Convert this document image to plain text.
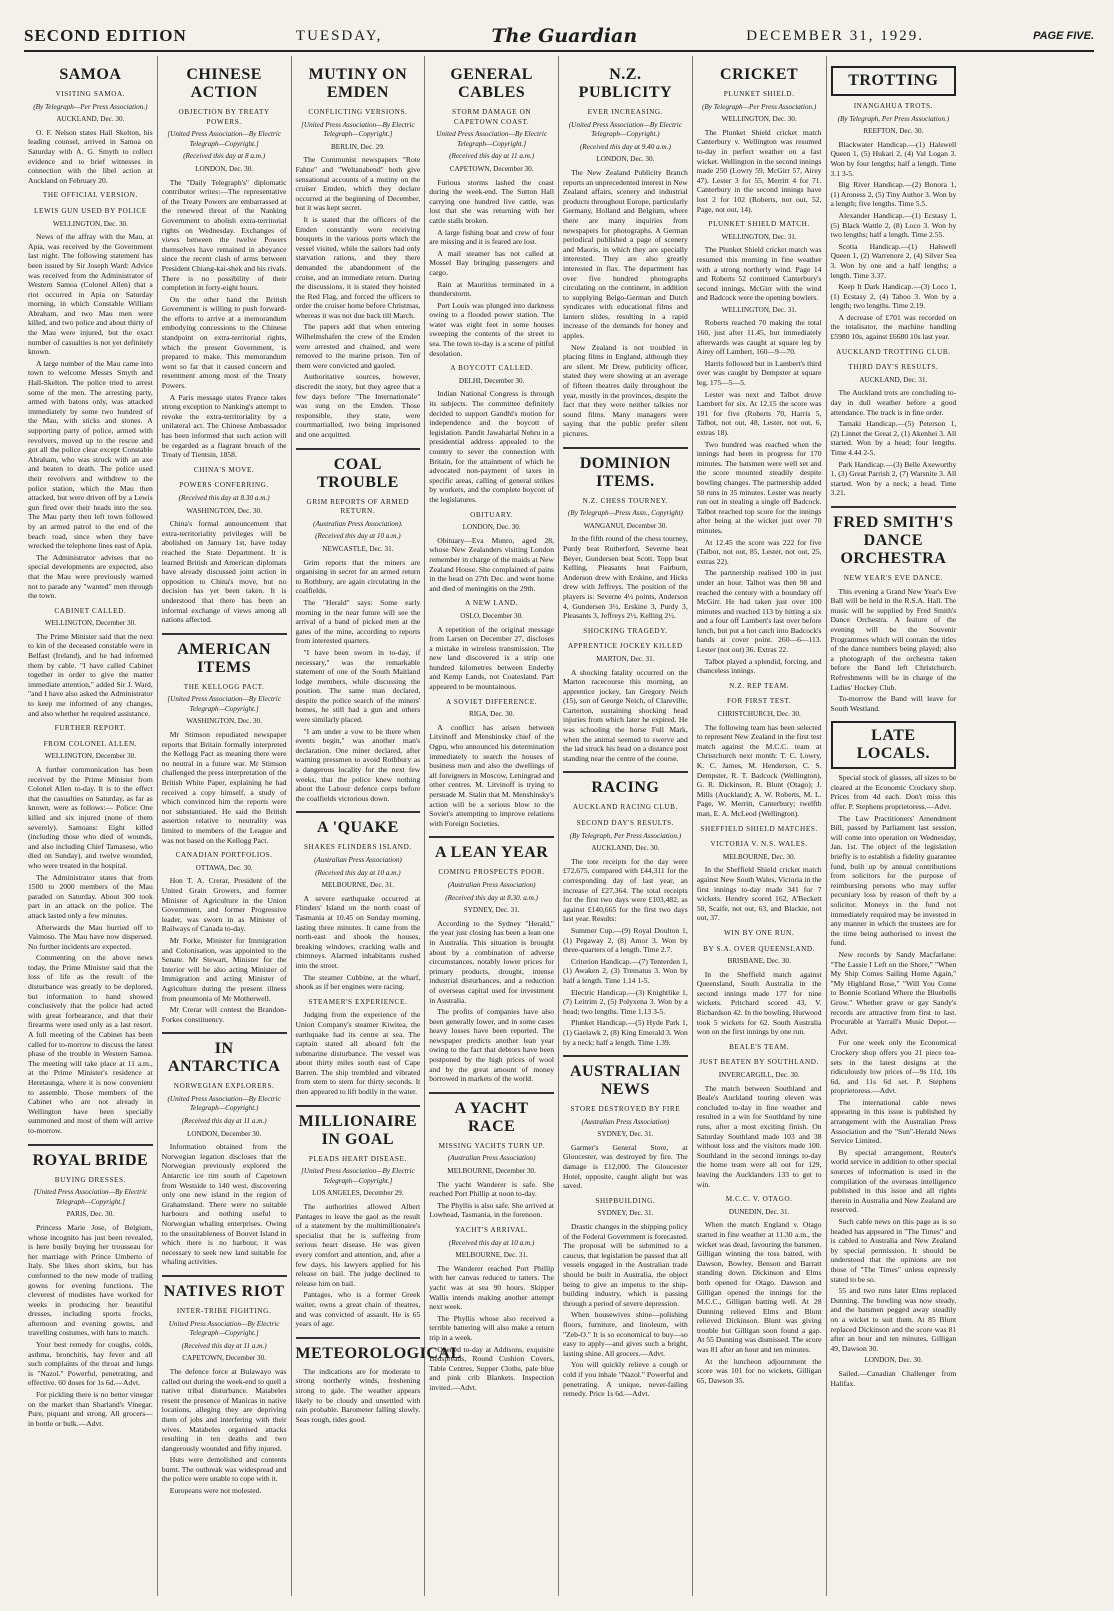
SECOND EDITION	TUESDAY,	The Guardian	DECEMBER 31, 1929.	PAGE FIVE.
SAMOA
VISITING SAMOA.
(By Telegraph—Per Press Association.)
AUCKLAND, Dec. 30.
O. F. Nelson states Hall Skelton, his leading counsel, arrived in Samoa on Saturday with A. G. Smyth to collect evidence and to brief witnesses in connection with the libel action at Auckland on February 20.
THE OFFICIAL VERSION.
LEWIS GUN USED BY POLICE
WELLINGTON, Dec. 30.
News of the affray with the Mau, at Apia, was received by the Government last night. The following statement has been issued by Sir Joseph Ward: Advice was received from the Administrator of Western Samoa (Colonel Allen) that a riot occurred in Apia on Saturday morning, in which Constable William Abraham, and two Mau men were killed, and two police and about thirty of the Mau were injured, but the exact number of casualties is not yet definitely known.
A large number of the Mau came into town to welcome Messrs Smyth and Hall-Skelton. The police tried to arrest some of the men. The arresting party, armed with batons only, was attacked immediately by some two hundred of the Mau, with sticks and stones. A supporting party of police, armed with revolvers, moved up to the rescue and got all the police clear except Constable Abraham, who was struck with an axe and beaten to death. The police used their revolvers and withdrew to the police station, which the Mau then attacked, but were driven off by a Lewis gun fired over their heads into the sea. The Mau party then left town followed by an armed patrol to the end of the beach road, since when they have wrecked the telephone lines east of Apia.
The Administrator advises that no special developments are expected, also that the Mau were previously warned not to parade any "wanted" men through the town.
CABINET CALLED.
WELLINGTON, December 30.
The Prime Minister said that the next to kin of the deceased constable were in Belfast (Ireland), and he had informed them by cable. "I have called Cabinet together in order to give the matter immediate attention," added Sir J. Ward, "and I have also asked the Administrator to keep me informed of any changes, and also whether he required assistance.
FURTHER REPORT.
FROM COLONEL ALLEN.
WELLINGTON, December 30.
A further communication has been received by the Prime Minister from Colonel Allen to-day. It is to the effect that the casualties on Saturday, as far as known, were as follows:— Police: One killed and six injured (none of them severely). Samoans: Eight killed (including those who died of wounds, and also including Chief Tamasese, who died on Sunday), and twelve wounded, who were treated in the hospital.
The Administrator states that from 1500 to 2000 members of the Mau paraded on Saturday. About 300 took part in an attack on the police. The attack lasted only a few minutes.
Afterwards the Mau hurried off to Vaimoso. The Mau have now dispersed. No further incidents are expected.
Commenting on the above news today, the Prime Minister said that the loss of life as the result of the disturbance was greatly to be deplored, but information to hand showed conclusively that the police had acted with great forbearance, and that their firearms were used only as a last resort. A full meeting of the Cabinet has been called for to-morrow to discuss the latest phase of the trouble in Western Samoa. The meeting will take place at 11 a.m., at the Prime Minister's residence at Heretaunga, where it is now convenient to assemble. Those members of the Cabinet who are not already in Wellington have been specially summoned and most of them will arrive to-morrow.
ROYAL BRIDE
BUYING DRESSES.
[United Press Association—By Electric Telegraph—Copyright.]
PARIS, Dec. 30.
Princess Marie Jose, of Belgium, whose incognito has just been revealed, is here busily buying her trousseau for her marriage with Prince Umberto of Italy. She likes short skirts, but has conformed to the new mode of trailing gowns for evening functions. The cleverest of modistes have worked for weeks in producing her beautiful dresses, including sports frocks, afternoon and evening gowns, and travelling costumes, with hats to match.
Your best remedy for coughs, colds, asthma, bronchitis, hay fever and all such complaints of the throat and lungs is "Nazol." Powerful, penetrating, and effective. 60 doses for 1s 6d.—Advt.
For pickling there is no better vinegar on the market than Sharland's Vinegar. Pure, piquant and strong. All grocers—in bottle or bulk.—Advt.
CHINESE ACTION
OBJECTION BY TREATY POWERS.
[United Press Association—By Electric Telegraph—Copyright.]
(Received this day at 8 a.m.)
LONDON, Dec. 30.
The "Daily Telegraph's" diplomatic contributor writes:—The representative of the Treaty Powers are embarrassed at the renewed threat of the Nanking Government to abolish extra-territorial rights on Wednesday. Exchanges of views between the twelve Powers themselves have remained in abeyance since the recent clash of arms between President Chiang-kai-shek and his rivals. There is no possibility of their completion in forty-eight hours.
On the other hand the British Government is willing to push forward-the efforts to arrive at a memorandum embodying concessions to the Chinese standpoint on extra-territorial rights, which the present Government, is prepared to make. This memorandum went so far that it caused concern and resentment among most of the Treaty Powers.
A Paris message states France takes strong exception to Nanking's attempt to revoke the extra-territoriality by a unilateral act. The Chinese Ambassador has been informed that such action will be regarded as a flagrant breach of the Treaty of Tientsin, 1858.
CHINA'S MOVE.
POWERS CONFERRING.
(Received this day at 8.30 a.m.)
WASHINGTON, Dec. 30.
China's formal announcement that extra-territoriality privileges will be abolished on January 1st, have today reached the State Department. It is learned British and American diplomats have already discussed joint action in opposition to China's move, but no decision has yet been taken. It is understood that there has been an informal exchange of views among all nations affected.
AMERICAN ITEMS
THE KELLOGG PACT.
[United Press Association—By Electric Telegraph—Copyright.]
WASHINGTON, Dec. 30.
Mr Stimson repudiated newspaper reports that Britain formally interpreted the Kellogg Pact as meaning there were no neutral in a future war. Mr Stimson challenged the press interpretation of the British White Paper, explaining he had received a copy himself, a study of which convinced him the reports were not substantiated. He said the British assertion relative to neutrality was limited to members of the League and was not based on the Kellogg Pact.
CANADIAN PORTFOLIOS.
OTTAWA, Dec. 30.
Hon T. A. Crerar, President of the United Grain Growers, and former Minister of Agriculture in the Union Government, and former Progressive leader, was sworn in as Minister of Railways of Canada to-day.
Mr Forke, Minister for Immigration and Colonisation, was appointed to the Senate. Mr Stewart, Minister for the Interior will be also acting Minister of Immigration and acting Minister of Agriculture during the present illness from pneumonia of Mr Motherwell.
Mr Crerar will contest the Brandon-Forkes constituency.
IN ANTARCTICA
NORWEGIAN EXPLORERS.
(United Press Association—By Electric Telegraph—Copyright.)
(Received this day at 11 a.m.)
LONDON, December 30.
Information obtained from the Norwegian legation discloses that the Norwegian previously explored the Antarctic ice rim south of Capetown from Westside to 140 west, discovering only one new island in the region of Grahamsland. There were no suitable harbours and nothing useful to Norwegian whaling enterprises. Owing to the unsuitableness of Bouvet Island in which there is no harbour, it was necessary to seek new land suitable for whaling activities.
NATIVES RIOT
INTER-TRIBE FIGHTING.
United Press Association—By Electric Telegraph—Copyright.]
(Received this day at 11 a.m.)
CAPETOWN, December 30.
The defence force at Bulawayo was called out during the week-end to quell a native tribal disturbance. Matabeles resent the presence of Manicas in native locations, alleging they are depriving them of jobs and interfering with their wives. Matabeles organised attacks resulting in ten deaths and two dangerously wounded and fifty injured.
Huts were demolished and contents burnt. The outbreak was widespread and the police were unable to cope with it.
Europeans were not molested.
MUTINY ON EMDEN
CONFLICTING VERSIONS.
[United Press Association—By Electric Telegraph—Copyright.]
BERLIN, Dec. 29.
The Communist newspapers "Rote Fahne" and "Weltanabend" both give sensational accounts of a mutiny on the cruiser Emden, which they declare occurred at the beginning of December, but it was kept secret.
It is stated that the officers of the Emden constantly were receiving bouquets in the various ports which the vessel visited, while the sailors had only starvation rations, and they there demanded the abandonment of the cruise, and an immediate return. During the discussions, it is stated they hoisted the Red Flag, and forced the officers to order the cruiser home before Christmas, whereas it was not due back till March.
The papers add that when entering Wilhelmshafen the crew of the Emden were arrested and chained, and were removed to the marine prison. Ten of them were convicted and gaoled.
Authoritative sources, however, discredit the story, but they agree that a few days before "The Internationale" was sung on the Emden. Those responsible, they state, were courtmartialled, two being imprisoned and one acquitted.
COAL TROUBLE
GRIM REPORTS OF ARMED RETURN.
(Australian Press Association).
(Received this day at 10 a.m.)
NEWCASTLE, Dec. 31.
Grim reports that the miners are organising in secret for an armed return to Rothbury, are again circulating in the coalfields.
The "Herald" says: Some early morning in the near future will see the arrival of a band of picked men at the gates of the mine, according to reports from interested quarters.
"I have been sworn in to-day, if necessary," was the remarkable statement of one of the South Maitland lodge members, while discussing the position. The same man declared, despite the police search of the miners' homes, he still had a gun and others were similarly placed.
"I am under a vow to be there when events begin," was another man's declaration. One miner declared, after warning pressmen to avoid Rothbury as a dangerous locality for the next few weeks, that the police knew nothing about the Labour defence corps before the coalfields victorious down.
A 'QUAKE
SHAKES FLINDERS ISLAND.
(Australian Press Association)
(Received this day at 10 a.m.)
MELBOURNE, Dec. 31.
A severe earthquake occurred at Flinders' Island on the north coast of Tasmania at 10.45 on Sunday morning, lasting three minutes. It came from the north-east and shook the houses, breaking windows, cracking walls and chimneys. Alarmed inhabitants rushed into the street.
The steamer Cubbine, at the wharf, shook as if her engines were racing.
STEAMER'S EXPERIENCE.
Judging from the experience of the Union Company's steamer Kiwitea, the earthquake had its centre at sea. The captain stated all aboard felt the submarine disturbance. The vessel was about thirty miles south east of Cape Barren. The ship trembled and vibrated from stem to stern for thirty seconds. It then appeared to lift bodily in the water.
MILLIONAIRE IN GOAL
PLEADS HEART DISEASE.
[United Press Association—By Electric Telegraph—Copyright.]
LOS ANGELES, December 29.
The authorities allowed Albert Pantages to leave the gaol as the result of a statement by the multimillionaire's specialist that he is suffering from serious heart disease. He was given every comfort and attention, and, after a few days, his lawyers applied for his release on bail. The judge declined to release him on bail.
Pantages, who is a former Greek waiter, owns a great chain of theatres, and was convicted of assault. He is 65 years of age.
METEOROLOGICAL
The indications are for moderate to strong northerly winds, freshening strong to gale. The weather appears likely to be cloudy and unsettled with rain probable. Barometer falling slowly. Seas rough, tides good.
GENERAL CABLES
STORM DAMAGE ON CAPETOWN COAST.
United Press Association—By Electric Telegraph—Copyright.]
(Received this day at 11 a.m.)
CAPETOWN, December 30.
Furious storms lashed the coast during the week-end. The Sutton Hall carrying one hundred live cattle, was lost that she was returning with her cattle stalls broken.
A large fishing boat and crew of four are missing and it is feared are lost.
A mail steamer has not called at Mossel Bay bringing passengers and cargo.
Rain at Mauritius terminated in a thunderstorm.
Port Louis was plunged into darkness owing to a flooded power station. The water was eight feet in some houses sweeping the contents of the street to sea. The town to-day is a scene of pitiful desolation.
A BOYCOTT CALLED.
DELHI, December 30.
Indian National Congress is through its subjects. The committee definitely decided to support Gandhi's motion for independence and the boycott of legislation. Pandit Jawaharlal Nehru in a presidential address appealed to the country to sever the connection with Britain, for the attainment of which he advocated non-payment of taxes in specific areas, calling of general strikes by workers, and the complete boycott of the legislatures.
OBITUARY.
LONDON, Dec. 30.
Obituary—Eva Munro, aged 28, whose New Zealanders visiting London remember in charge of the maids at New Zealand House. She complained of pains in the head on 27th Dec. and went home and died of meningitis on the 29th.
A NEW LAND.
OSLO, December 30.
A repetition of the original message from Larsen on December 27, discloses a mistake in wireless transmission. The new land discovered is a strip one hundred kilometres between Enderby and Kemp Lands, not Coatesland. Part appeared to be mountainous.
A SOVIET DIFFERENCE.
RIGA, Dec. 30.
A conflict has arisen between Litvinoff and Menshinsky chief of the Ogpu, who announced his determination immediately to search the houses of business men and also the dwellings of all foreigners in Moscow, Leningrad and other centres. M. Litvinoff is trying to persuade M. Stalin that M. Menshinsky's action will be a serious blow to the Soviet's attempting to improve relations with Foreign Societies.
A LEAN YEAR
COMING PROSPECTS POOR.
(Australian Press Association)
(Received this day at 8.30. a.m.)
SYDNEY, Dec. 31.
According to the Sydney "Herald," the year just closing has been a lean one in Australia. This situation is brought about by a combination of adverse circumstances, notably lower prices for primary products, drought, intense industrial disturbances, and a reduction of overseas capital used for investment in Australia.
The profits of companies have also been generally lower, and in some cases heavy losses have been reported. The newspaper predicts another lean year owing to the fact that debtors have been postponed by the high prices of wool and by the great amount of money borrowed in markets of the world.
A YACHT RACE
MISSING YACHTS TURN UP.
(Australian Press Association)
MELBOURNE, December 30.
The yacht Wanderer is safe. She reached Port Phillip at noon to-day.
The Phyllis is also safe. She arrived at Lowhead, Tasmania, in the forenoon.
YACHT'S ARRIVAL.
(Received this day at 10 a.m.)
MELBOURNE, Dec. 31.
The Wanderer reached Port Phillip with her canvas reduced to tatters. The yacht was at sea 90 hours. Skipper Wallis intends making another attempt next week.
The Phyllis whose also received a terrible battering will also make a return trip in a week.
Opened to-day at Addisons, exquisite Bedspreads, Round Cushion Covers, Table Centres, Supper Cloths, pale blue and pink crib Blankets. Inspection invited.—Advt.
N.Z. PUBLICITY
EVER INCREASING.
(United Press Association—By Electric Telegraph—Copyright.)
(Received this day at 9.40 a.m.)
LONDON, Dec. 30.
The New Zealand Publicity Branch reports an unprecedented interest in New Zealand affairs, scenery and industrial products throughout Europe, particularly Germany, Holland and Belgium, where there are many inquiries from newspapers for photographs. A German periodical published a page of scenery and Maoris, in which they are specially interested. They are also greatly interested in flax. The department has over five hundred photographs circulating on the continent, in addition to supplying Belgo-German and Dutch syndicates with educational films and lantern slides, resulting in a rapid increase of the demands for honey and apples.
New Zealand is not troubled in placing films in England, although they are silent. Mr Drew, publicity officer, stated they were showing at an average of fifteen theatres daily throughout the year, mostly in the provinces, despite the fact that they were neither talkies nor sound films. Many managers were saying that the public prefer silent pictures.
DOMINION ITEMS.
N.Z. CHESS TOURNEY.
(By Telegraph—Press Assn., Copyright)
WANGANUI, December 30.
In the fifth round of the chess tourney, Purdy beat Rutherford, Severne beat Beyer, Gundersen beat Scott. Topp beat Kelling, Pleasants beat Fairburn, Anderson drew with Erskine, and Hicks drew with Jeffreys. The position of the players is: Severne 4½ points, Anderson 4, Gundersen 3½, Erskine 3, Purdy 3, Pleasants 3, Jeffreys 2½, Kelling 2½.
SHOCKING TRAGEDY.
APPRENTICE JOCKEY KILLED
MARTON, Dec. 31.
A shocking fatality occurred on the Marton racecourse this morning, an apprentice jockey, Ian Gregory Neich (15), son of George Neich, of Clareville, Carterton, sustaining shocking head injuries from which later he expired. He was schooling the horse Full Mark, when the animal seemed to swerve and the lad struck his head on a distance post standing near the centre of the course.
RACING
AUCKLAND RACING CLUB.
SECOND DAY'S RESULTS.
(By Telegraph, Per Press Association.)
AUCKLAND, Dec. 30.
The tote receipts for the day were £72,675, compared with £44,311 for the corresponding day of last year, an increase of £27,364. The total receipts for the first two days were £103,482, as against £140,665 for the first two days last year. Results:
Summer Cup.—(9) Royal Doulton 1, (1) Pegaway 2, (8) Amor 3. Won by three-quarters of a length. Time 2.7.
Criterion Handicap.—(7) Tenterden 1, (1) Awaken 2, (3) Trematus 3. Won by half a length. Time 1.14 1-5.
Electric Handicap.—(3) Knightlike 1, (7) Leitrim 2, (5) Polyxena 3. Won by a head; two lengths. Time 1.13 3-5.
Plunket Handicap.—(5) Hyde Park 1, (1) Gaelawk 2, (8) King Emerald 3. Won by a neck; half a length. Time 1.39.
AUSTRALIAN NEWS
STORE DESTROYED BY FIRE
(Australian Press Association)
SYDNEY, Dec. 31.
Garmer's General Store, at Gloucester, was destroyed by fire. The damage is £12,000. The Gloucester Hotel, opposite, caught alight but was saved.
SHIPBUILDING.
SYDNEY, Dec. 31.
Drastic changes in the shipping policy of the Federal Government is forecasted. The proposal will be submitted to a caucus, that legislation be passed that all vessels engaged in the Australian trade should be built in Australia, the object being to give an impetus to the ship-building industry, which is passing through a period of severe depression.
When housewives shine—polishing floors, furniture, and linoleum, with "Zeb-O." It is so economical to buy—so easy to apply—and gives such a bright, lasting shine. All grocers.—Advt.
You will quickly relieve a cough or cold if you inhale "Nazol." Powerful and penetrating. A unique, never-failing remedy. Price 1s 6d.—Advt.
CRICKET
PLUNKET SHIELD.
(By Telegraph—Per Press Association.)
WELLINGTON, Dec. 30.
The Plunket Shield cricket match Canterbury v. Wellington was resumed to-day in perfect weather on a fast wicket. Wellington in the second innings made 250 (Lowry 59, McGirr 57, Airey 47). Lester 3 for 55, Merritt 4 for 71. Canterbury in the second innings have lost 2 for 102 (Roberts, not out, 52, Page, not out, 14).
PLUNKET SHIELD MATCH.
WELLINGTON, Dec. 31.
The Plunket Shield cricket match was resumed this morning in fine weather with a strong northerly wind. Page 14 and Roberts 52 continued Canterbury's second innings. McGirr with the wind and Badcock were the opening bowlers.
WELLINGTON, Dec. 31.
Roberts reached 70 making the total 160, just after 11.45, but immediately afterwards was caught at square leg by Airey off Lambert, 160—9—70.
Harris followed but in Lambert's third over was caught by Dempster at square leg, 175—5—5.
Lester was next and Talbot drove Lambert for six. At 12.15 the score was 191 for five (Roberts 70, Harris 5, Talbot, not out, 48, Lester, not out, 6, extras 18).
Two hundred was reached when the innings had been in progress for 170 minutes. The batsmen were well set and the score mounted steadily despite bowling changes. The partnership added 50 runs in 35 minutes. Lester was nearly run out in stealing a single off Badcock. Talbot reached top score for the innings after being at the wicket just over 70 minutes.
At 12.45 the score was 222 for five (Talbot, not out, 85, Lester, not out, 25, extras 22).
The partnership realised 100 in just under an hour. Talbot was then 98 and reached the century with a boundary off McGirr. He had taken just over 100 minutes and reached 113 by hitting a six and a four off Lambert's last over before lunch, but put a hot catch into Badcock's hands at cover point. 260—6—113. Lester (not out) 36. Extras 22.
Talbot played a splendid, forcing, and chanceless innings.
N.Z. REP TEAM.
FOR FIRST TEST.
CHRISTCHURCH, Dec. 30.
The following team has been selected to represent New Zealand in the first test match against the M.C.C. team at Christchurch next month: T. C. Lowry, K. C. James, M. Henderson, C. S. Dempster, R. T. Badcock (Wellington), G. R. Dickinson, R. Blunt (Otago); J. Mills (Auckland); A. W. Roberts, M. L. Page, W. Merritt, Canterbury; twelfth man, E. A. McLeod (Wellington).
SHEFFIELD SHIELD MATCHES.
VICTORIA V. N.S. WALES.
MELBOURNE, Dec. 30.
In the Sheffield Shield cricket match against New South Wales, Victoria in the first innings to-day made 341 for 7 wickets. Hendry scored 162, A'Beckett 50, Scaife, not out, 63, and Blackie, not out, 37.
WIN BY ONE RUN.
BY S.A. OVER QUEENSLAND.
BRISBANE, Dec. 30.
In the Sheffield match against Queensland, South Australia in the second innings made 177 for nine wickets. Pritchard scored 43, V. Richardson 42. In the bowling, Hurwood took 5 wickets for 62. South Australia won on the first innings by one run.
BEALE'S TEAM.
JUST BEATEN BY SOUTHLAND.
INVERCARGILL, Dec. 30.
The match between Southland and Beale's Auckland touring eleven was concluded to-day in fine weather and resulted in a win for Southland by nine runs, after a most exciting finish. On Saturday Southland made 103 and 38 without loss and the visitors made 100. Southland in the second innings to-day the home team were all out for 129, leaving the Aucklanders 133 to get to win.
M.C.C. V. OTAGO.
DUNEDIN, Dec. 31.
When the match England v. Otago started in fine weather at 11.30 a.m., the wicket was dead, favouring the batsmen. Gilligan winning the toss batted, with Dawson, Bowley, Benson and Barratt standing down. Dickinson and Elms both opened for Otago. Dawson and Gilligan opened the innings for the M.C.C., Gilligan batting well. At 28 Dunning relieved Elms and Blunt relieved Dickinson. Blunt was giving trouble but Gilligan soon found a gap. At 55 Dunning was dismissed. The score was 81 after an hour and ten minutes.
At the luncheon adjournment the score was 101 for no wickets, Gilligan 65, Dawson 35.
TROTTING
INANGAHUA TROTS.
(By Telegraph, Per Press Association.)
REEFTON, Dec. 30.
Blackwater Handicap.—(1) Halswell Queen 1, (5) Hukari 2, (4) Val Logan 3. Won by four lengths; half a length. Time 3.1 3-5.
Big River Handicap.—(2) Bonora 1, (1) Aroness 2, (5) Tiny Author 3. Won by a length; five lengths. Time 5.5.
Alexander Handicap.—(1) Ecstasy 1, (5) Black Wattle 2, (8) Loco 3. Won by two lengths; half a length. Time 2.55.
Scotia Handicap.—(1) Halswell Queen 1, (2) Warrenore 2, (4) Silver Sea 3. Won by one and a half lengths; a length. Time 3.37.
Keep It Dark Handicap.—(3) Loco 1, (1) Ecstasy 2, (4) Taboo 3. Won by a length; two lengths. Time 2.19.
A decrease of £701 was recorded on the totalisator, the machine handling £5980 10s, against £6680 10s last year.
AUCKLAND TROTTING CLUB.
THIRD DAY'S RESULTS.
AUCKLAND, Dec. 31.
The Auckland trots are concluding to-day in dull weather before a good attendance. The track is in fine order.
Tamaki Handicap.—(5) Peterson 1, (2) Linnet the Great 2, (1) Akenhei 3. All started. Won by a head; four lengths. Time 4.44 2-5.
Park Handicap.—(3) Belle Axeworthy 1, (3) Great Parrish 2, (7) Warsnite 3. All started. Won by a neck; a head. Time 3.21.
FRED SMITH'S DANCE ORCHESTRA
NEW YEAR'S EVE DANCE.
This evening a Grand New Year's Eve Ball will be held in the R.S.A. Hall. The music will be supplied by Fred Smith's Dance Orchestra. A feature of the evening will be the Souvenir Programmes which will contain the titles of the dance numbers being played; also a photograph of the orchestra taken before the Band left Christchurch. Refreshments will be in charge of the Ladies' Hockey Club.
To-morrow the Band will leave for South Westland.
LATE LOCALS.
Special stock of glasses, all sizes to be cleared at the Economic Crockery shop. Prices from 4d each. Don't miss this offer. P. Stephens proprietoress.—Advt.
The Law Practitioners' Amendment Bill, passed by Parliament last session, will come into operation on Wednesday, Jan. 1st. The object of the legislation briefly is to establish a fidelity guarantee fund, built up by annual contributions from solicitors for the purpose of reimbursing persons who may suffer pecuniary loss by reason of theft by a solicitor. Moneys in the fund not immediately required may be invested in any manner in which the trustees are for the time being authorised to invest the fund.
New records by Sandy Macfarlane: "The Lassie I Left on the Shore," "When My Ship Comes Sailing Home Again," "My Highland Rose," "Will You Come to Bonnie Scotland Where the Bluebells Grow." Whether grave or gay Sandy's records are attractive from first to last. Procurable at Yarrall's Music Depot.—Advt.
For one week only the Economical Crockery shop offers you 21 piece tea-sets in the latest designs at the ridiculously low prices of—9s 11d, 10s 6d, and 11s 6d set. P. Stephens proprietoress.—Advt.
The international cable news appearing in this issue is published by arrangement with the Australian Press Association and the "Sun"-Herald News Service Limited.
By special arrangement, Reuter's world service in addition to other special sources of information is used in the compilation of the overseas intelligence published in this issue and all rights therein in Australia and New Zealand are reserved.
Such cable news on this page as is so headed has appeared in "The Times" and is cabled to Australia and New Zealand by special permission. It should be understood that the opinions are not those of "The Times" unless expressly stated to be so.
55 and two runs later Elms replaced Dunning. The bowling was now steady, and the batsmen pegged away steadily on a wicket to suit them. At 85 Blunt replaced Dickinson and the score was 81 after an hour and ten minutes, Gilligan 49, Dawson 30.
LONDON, Dec. 30.
Sailed.—Canadian Challenger from Halifax.
